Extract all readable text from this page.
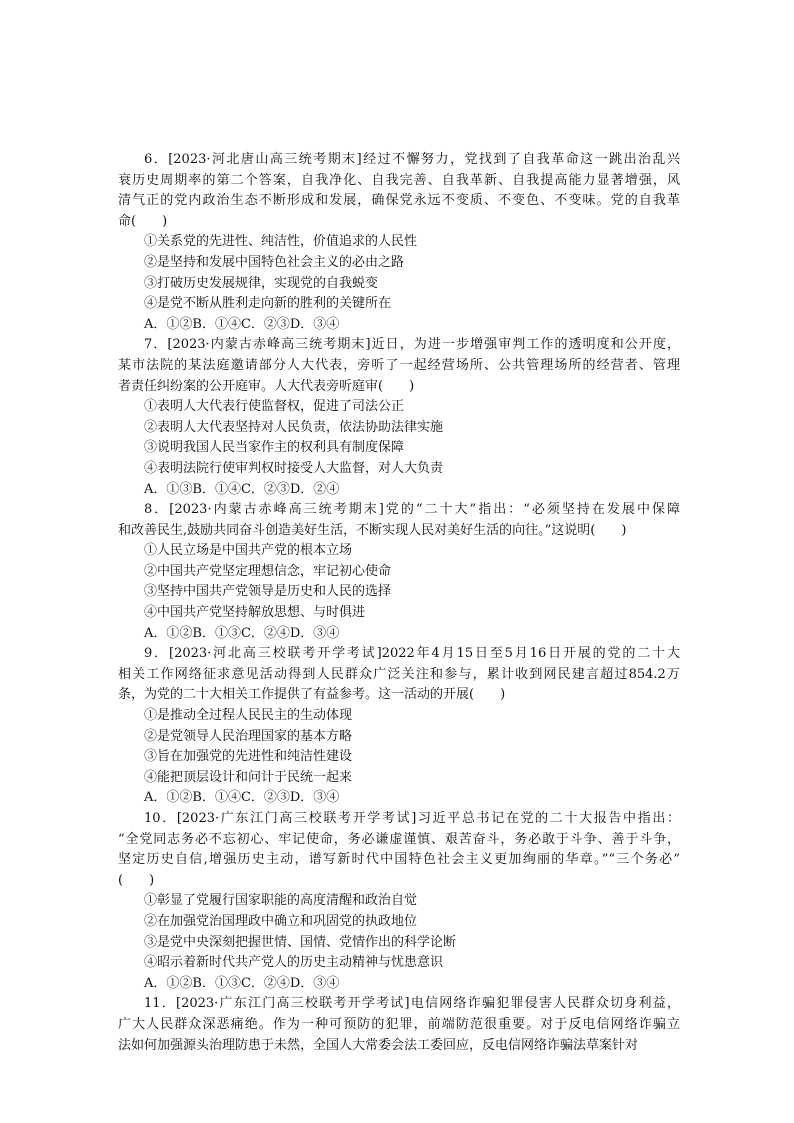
6．[2023·河北唐山高三统考期末]经过不懈努力，党找到了自我革命这一跳出治乱兴
衰历史周期率的第二个答案，自我净化、自我完善、自我革新、自我提高能力显著增强，风
清气正的党内政治生态不断形成和发展，确保党永远不变质、不变色、不变味。党的自我革
命(　　)
①关系党的先进性、纯洁性，价值追求的人民性
②是坚持和发展中国特色社会主义的必由之路
③打破历史发展规律，实现党的自我蜕变
④是党不断从胜利走向新的胜利的关键所在
A．①②B．①④C．②③D．③④
7．[2023·内蒙古赤峰高三统考期末]近日，为进一步增强审判工作的透明度和公开度，
某市法院的某法庭邀请部分人大代表，旁听了一起经营场所、公共管理场所的经营者、管理
者责任纠纷案的公开庭审。人大代表旁听庭审(　　)
①表明人大代表行使监督权，促进了司法公正
②表明人大代表坚持对人民负责，依法协助法律实施
③说明我国人民当家作主的权利具有制度保障
④表明法院行使审判权时接受人大监督，对人大负责
A．①③B．①④C．②③D．②④
8．[2023·内蒙古赤峰高三统考期末]党的“二十大”指出：“必须坚持在发展中保障
和改善民生,鼓励共同奋斗创造美好生活，不断实现人民对美好生活的向往。”这说明(　　)
①人民立场是中国共产党的根本立场
②中国共产党坚定理想信念，牢记初心使命
③坚持中国共产党领导是历史和人民的选择
④中国共产党坚持解放思想、与时俱进
A．①②B．①③C．②④D．③④
9．[2023·河北高三校联考开学考试]2022年4月15日至5月16日开展的党的二十大
相关工作网络征求意见活动得到人民群众广泛关注和参与，累计收到网民建言超过854.2万
条，为党的二十大相关工作提供了有益参考。这一活动的开展(　　)
①是推动全过程人民民主的生动体现
②是党领导人民治理国家的基本方略
③旨在加强党的先进性和纯洁性建设
④能把顶层设计和问计于民统一起来
A．①②B．①④C．②③D．③④
10．[2023·广东江门高三校联考开学考试]习近平总书记在党的二十大报告中指出：
“全党同志务必不忘初心、牢记使命，务必谦虚谨慎、艰苦奋斗，务必敢于斗争、善于斗争，
坚定历史自信,增强历史主动，谱写新时代中国特色社会主义更加绚丽的华章。”“三个务必”
(　　)
①彰显了党履行国家职能的高度清醒和政治自觉
②在加强党治国理政中确立和巩固党的执政地位
③是党中央深刻把握世情、国情、党情作出的科学论断
④昭示着新时代共产党人的历史主动精神与忧患意识
A．①②B．①③C．②④D．③④
11．[2023·广东江门高三校联考开学考试]电信网络诈骗犯罪侵害人民群众切身利益，
广大人民群众深恶痛绝。作为一种可预防的犯罪，前端防范很重要。对于反电信网络诈骗立
法如何加强源头治理防患于未然，全国人大常委会法工委回应，反电信网络诈骗法草案针对
